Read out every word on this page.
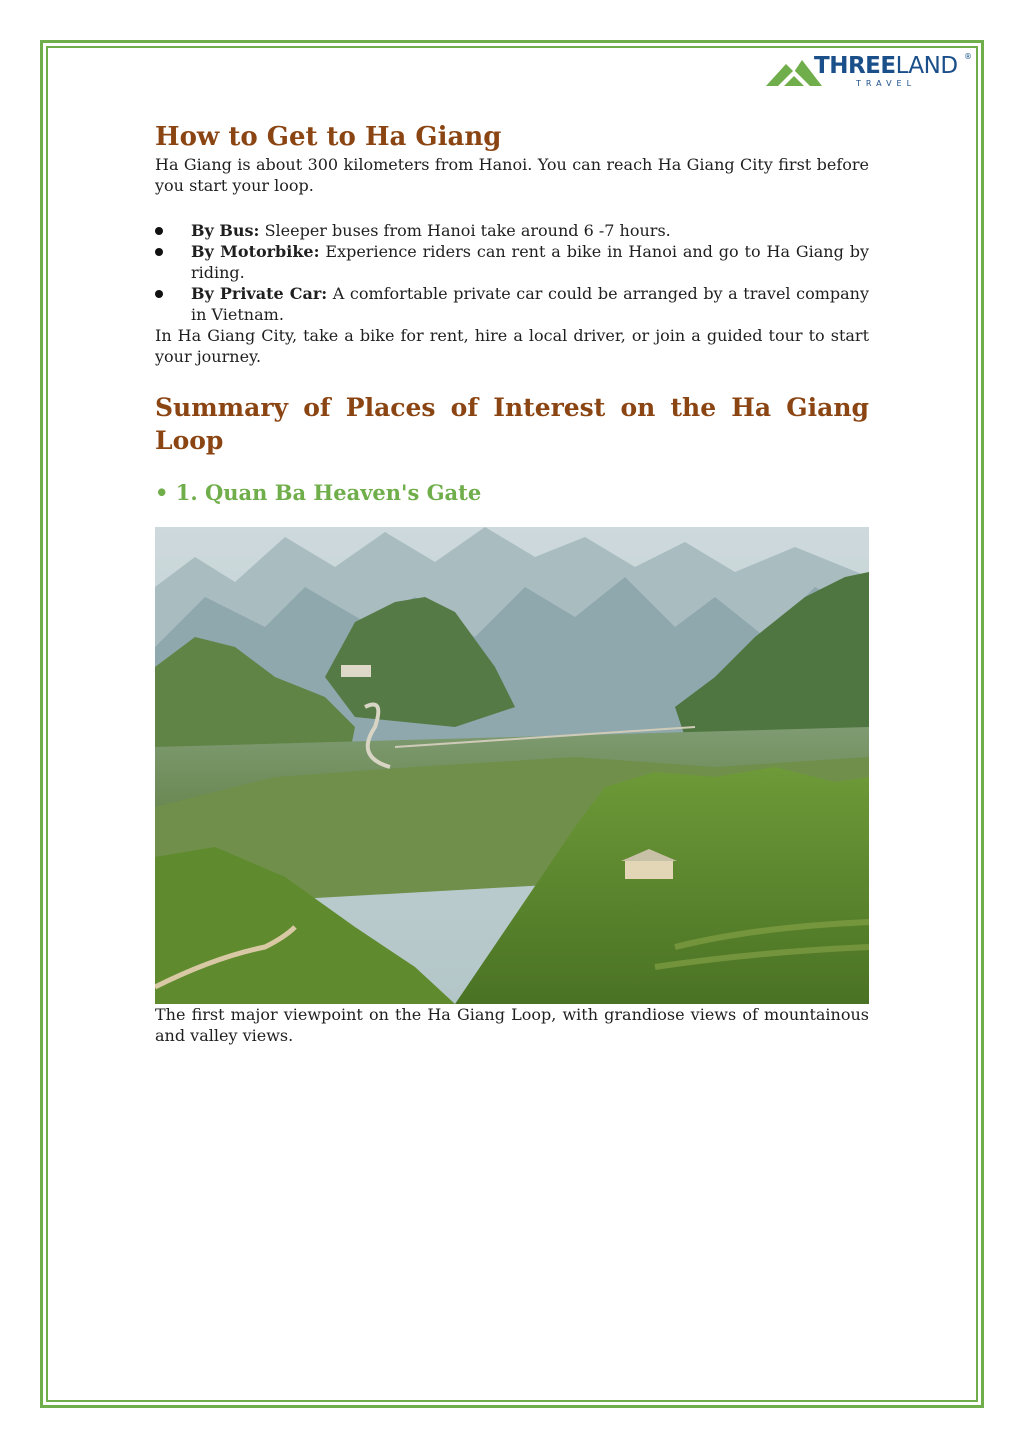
THREELAND ®
TRAVEL
How to Get to Ha Giang

Ha Giang is about 300 kilometers from Hanoi. You can reach Ha Giang City first before you start your loop.

By Bus: Sleeper buses from Hanoi take around 6 -7 hours.
By Motorbike: Experience riders can rent a bike in Hanoi and go to Ha Giang by riding.
By Private Car: A comfortable private car could be arranged by a travel company in Vietnam.

In Ha Giang City, take a bike for rent, hire a local driver, or join a guided tour to start your journey.

Summary of Places of Interest on the Ha Giang Loop
• 1. Quan Ba Heaven's Gate

The first major viewpoint on the Ha Giang Loop, with grandiose views of mountainous and valley views.
